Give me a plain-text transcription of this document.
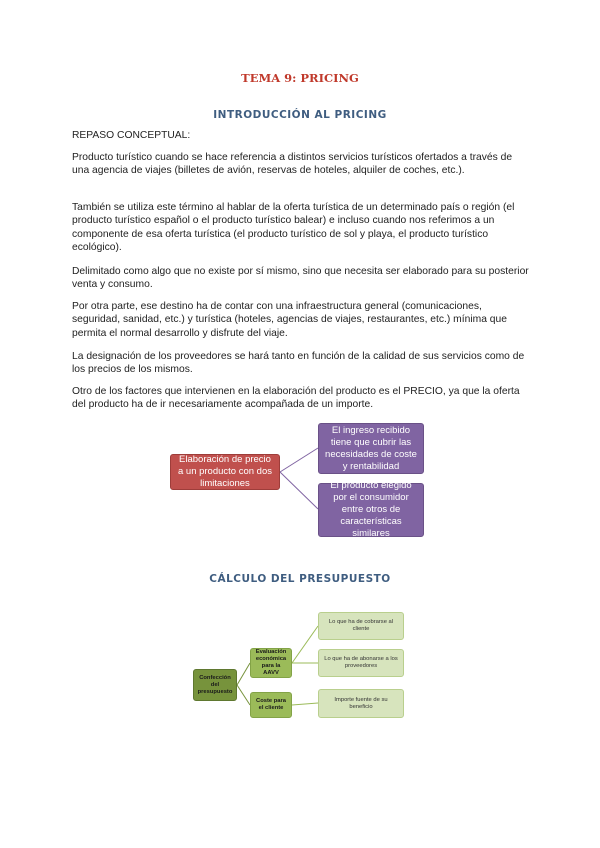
TEMA 9: PRICING
INTRODUCCIÓN AL PRICING
REPASO CONCEPTUAL:
Producto turístico cuando se hace referencia a distintos servicios turísticos ofertados a través de una agencia de viajes (billetes de avión, reservas de hoteles, alquiler de coches, etc.).
También se utiliza este término al hablar de la oferta turística de un determinado país o región (el producto turístico español o el producto turístico balear) e incluso cuando nos referimos a un componente de esa oferta turística (el producto turístico de sol y playa, el producto turístico ecológico).
Delimitado como algo que no existe por sí mismo, sino que necesita ser elaborado para su posterior venta y consumo.
Por otra parte, ese destino ha de contar con una infraestructura general (comunicaciones, seguridad, sanidad, etc.) y turística (hoteles, agencias de viajes, restaurantes, etc.) mínima que permita el normal desarrollo y disfrute del viaje.
La designación de los proveedores se hará tanto en función de la calidad de sus servicios como de los precios de los mismos.
Otro de los factores que intervienen en la elaboración del producto es el PRECIO, ya que la oferta del producto ha de ir necesariamente acompañada de un importe.
Elaboración de precio a un producto con dos limitaciones
El ingreso recibido tiene que cubrir las necesidades de coste y rentabilidad
El producto elegido por el consumidor entre otros de características similares
CÁLCULO DEL PRESUPUESTO
Confección del presupuesto
Evaluación económica para la AAVV
Coste para el cliente
Lo que ha de cobrarse al cliente
Lo que ha de abonarse a los proveedores
Importe fuente de su beneficio
